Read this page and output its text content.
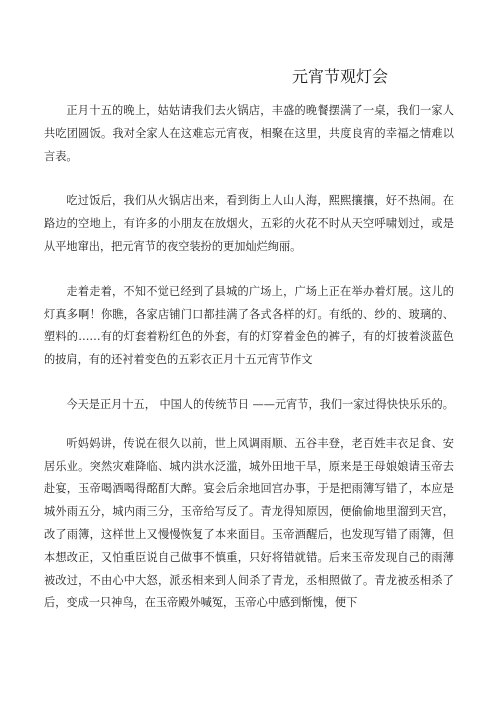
元宵节观灯会

正月十五的晚上，姑姑请我们去火锅店，丰盛的晚餐摆满了一桌，我们一家人共吃团圆饭。我对全家人在这难忘元宵夜，相聚在这里，共度良宵的幸福之情难以言表。

吃过饭后，我们从火锅店出来，看到街上人山人海，熙熙攘攘，好不热闹。在路边的空地上，有许多的小朋友在放烟火，五彩的火花不时从天空呼啸划过，或是从平地窜出，把元宵节的夜空装扮的更加灿烂绚丽。

走着走着，不知不觉已经到了县城的广场上，广场上正在举办着灯展。这儿的灯真多啊！你瞧，各家店铺门口都挂满了各式各样的灯。有纸的、纱的、玻璃的、塑料的……有的灯套着粉红色的外套，有的灯穿着金色的裤子，有的灯披着淡蓝色的披肩，有的还衬着变色的五彩衣正月十五元宵节作文

今天是正月十五， 中国人的传统节日 ——元宵节，我们一家过得快快乐乐的。

听妈妈讲，传说在很久以前，世上风调雨顺、五谷丰登，老百姓丰衣足食、安居乐业。突然灾难降临、城内洪水泛滥，城外田地干旱，原来是王母娘娘请玉帝去赴宴，玉帝喝酒喝得酩酊大醉。宴会后余地回宫办事，于是把雨簿写错了，本应是城外雨五分，城内雨三分，玉帝给写反了。青龙得知原因，便偷偷地里溜到天宫，改了雨簿，这样世上又慢慢恢复了本来面目。玉帝酒醒后，也发现写错了雨簿，但本想改正，又怕重臣说自己做事不慎重，只好将错就错。后来玉帝发现自己的雨薄被改过，不由心中大怒，派丞相来到人间杀了青龙，丞相照做了。青龙被丞相杀了后，变成一只神鸟，在玉帝殿外喊冤，玉帝心中感到惭愧，便下
